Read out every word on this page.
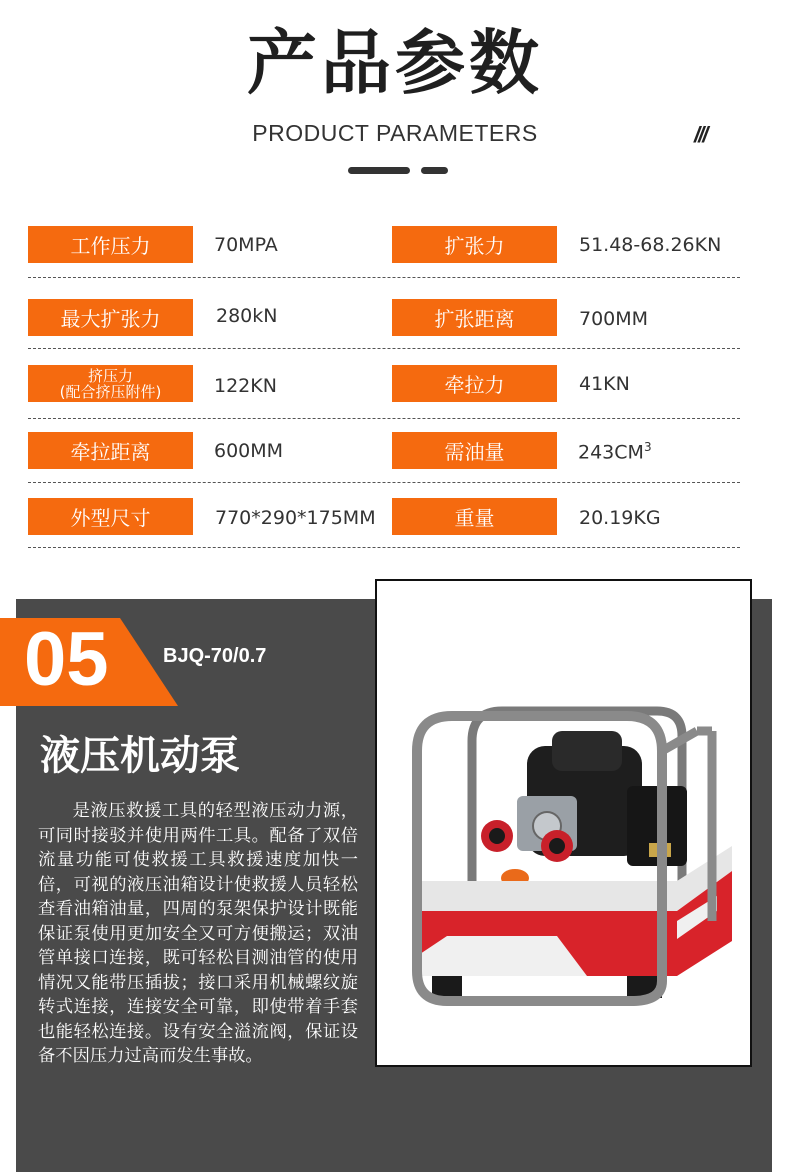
产品参数
PRODUCT PARAMETERS	///
工作压力	70MPA	扩张力	51.48-68.26KN
最大扩张力	280kN	扩张距离	700MM
挤压力
(配合挤压附件)	122KN	牵拉力	41KN
牵拉距离	600MM	需油量	$243CM^3$
外型尺寸	770*290*175MM	重量	20.19KG
05	BJQ-70/0.7
液压机动泵
是液压救援工具的轻型液压动力源，可同时接驳并使用两件工具。配备了双倍流量功能可使救援工具救援速度加快一倍，可视的液压油箱设计使救援人员轻松查看油箱油量，四周的泵架保护设计既能保证泵使用更加安全又可方便搬运；双油管单接口连接，既可轻松目测油管的使用情况又能带压插拔；接口采用机械螺纹旋转式连接，连接安全可靠，即使带着手套也能轻松连接。设有安全溢流阀，保证设备不因压力过高而发生事故。
